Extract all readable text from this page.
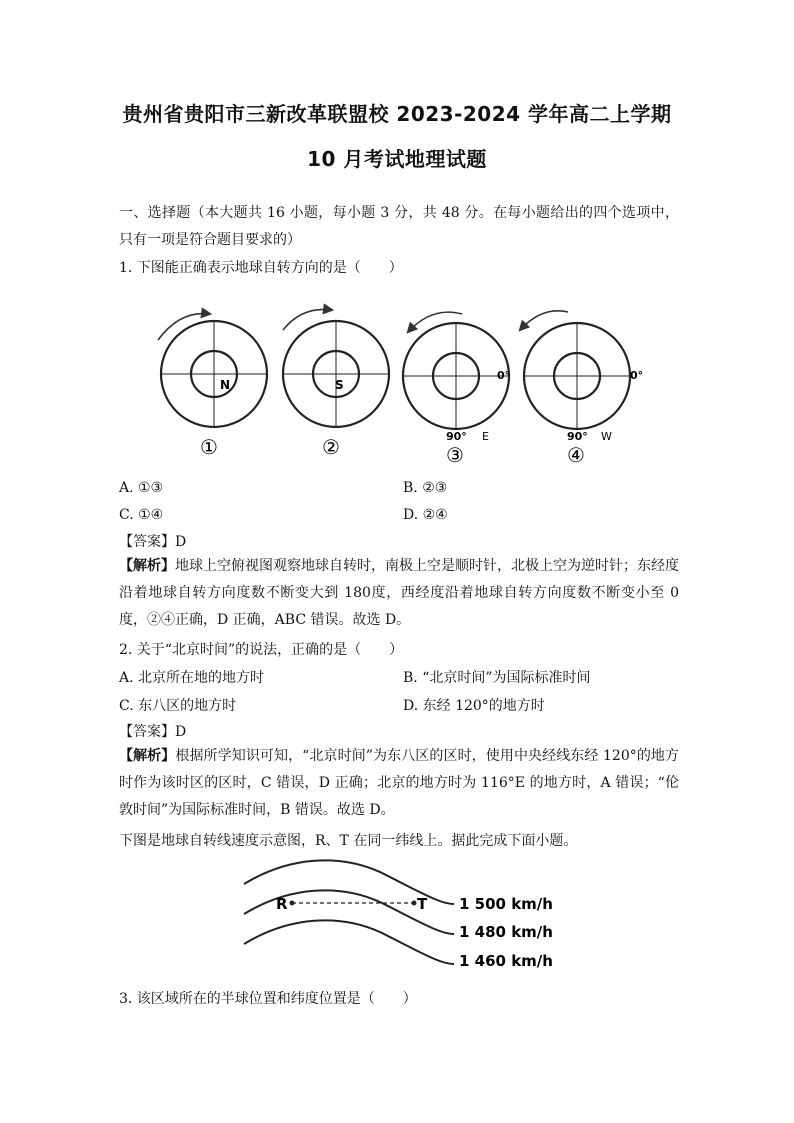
贵州省贵阳市三新改革联盟校 2023-2024 学年高二上学期
10 月考试地理试题
一、选择题（本大题共 16 小题，每小题 3 分，共 48 分。在每小题给出的四个选项中，只有一项是符合题目要求的）
1. 下图能正确表示地球自转方向的是（　　）
N
①
S
②
0°
90° E
③
0°
90° W
④
A. ①③	B. ②③
C. ①④	D. ②④
【答案】D
【解析】地球上空俯视图观察地球自转时，南极上空是顺时针，北极上空为逆时针；东经度沿着地球自转方向度数不断变大到 180度，西经度沿着地球自转方向度数不断变小至 0度，②④正确，D 正确，ABC 错误。故选 D。
2. 关于“北京时间”的说法，正确的是（　　）
A. 北京所在地的地方时	B. “北京时间”为国际标准时间
C. 东八区的地方时	D. 东经 120°的地方时
【答案】D
【解析】根据所学知识可知，“北京时间”为东八区的区时，使用中央经线东经 120°的地方时作为该时区的区时，C 错误，D 正确；北京的地方时为 116°E 的地方时，A 错误；“伦敦时间”为国际标准时间，B 错误。故选 D。
下图是地球自转线速度示意图，R、T 在同一纬线上。据此完成下面小题。
R	T 1 500 km/h
1 480 km/h
1 460 km/h
3. 该区域所在的半球位置和纬度位置是（　　）
